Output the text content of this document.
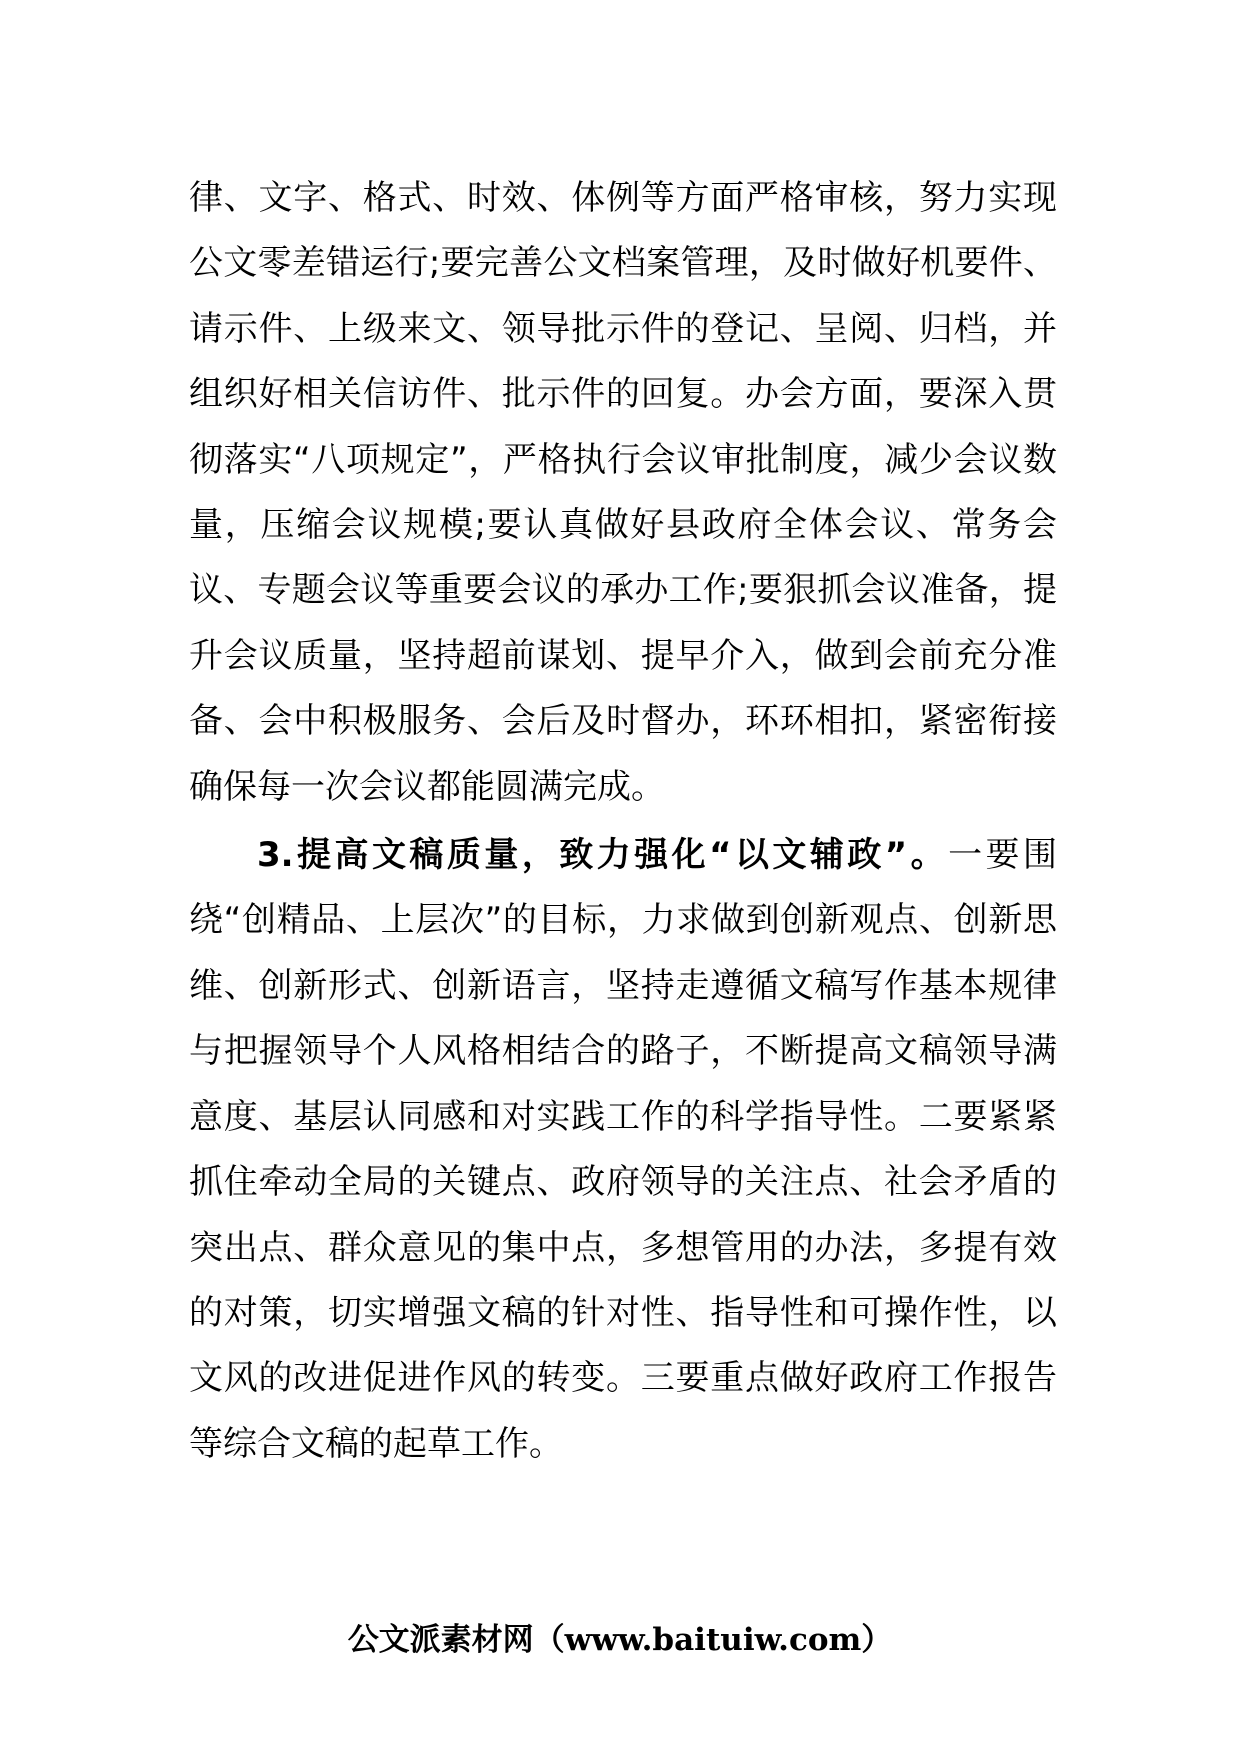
律、文字、格式、时效、体例等方面严格审核，努力实现公文零差错运行;要完善公文档案管理，及时做好机要件、请示件、上级来文、领导批示件的登记、呈阅、归档，并组织好相关信访件、批示件的回复。办会方面，要深入贯彻落实“八项规定”，严格执行会议审批制度，减少会议数量，压缩会议规模;要认真做好县政府全体会议、常务会议、专题会议等重要会议的承办工作;要狠抓会议准备，提升会议质量，坚持超前谋划、提早介入，做到会前充分准备、会中积极服务、会后及时督办，环环相扣，紧密衔接确保每一次会议都能圆满完成。

3.提高文稿质量，致力强化“以文辅政”。一要围绕“创精品、上层次”的目标，力求做到创新观点、创新思维、创新形式、创新语言，坚持走遵循文稿写作基本规律与把握领导个人风格相结合的路子，不断提高文稿领导满意度、基层认同感和对实践工作的科学指导性。二要紧紧抓住牵动全局的关键点、政府领导的关注点、社会矛盾的突出点、群众意见的集中点，多想管用的办法，多提有效的对策，切实增强文稿的针对性、指导性和可操作性，以文风的改进促进作风的转变。三要重点做好政府工作报告等综合文稿的起草工作。

公文派素材网（www.baituiw.com）
